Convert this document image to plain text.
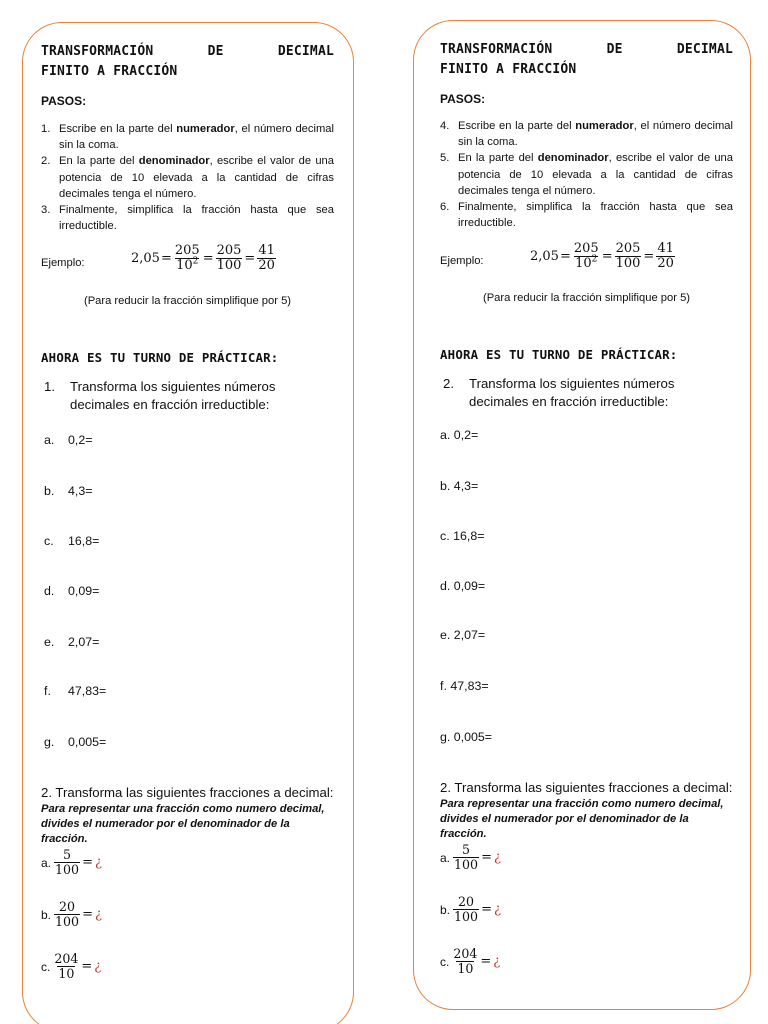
TRANSFORMACIÓN	DE	DECIMAL
FINITO A FRACCIÓN
PASOS:
1. Escribe en la parte del numerador, el número decimal sin la coma.
2. En la parte del denominador, escribe el valor de una potencia de 10 elevada a la cantidad de cifras decimales tenga el número.
3. Finalmente, simplifica la fracción hasta que sea irreductible.
Ejemplo:	$2,05 = \frac{205}{10^2} = \frac{205}{100} = \frac{41}{20}$
(Para reducir la fracción simplifique por 5)
AHORA ES TU TURNO DE PRÁCTICAR:
1.	Transforma los siguientes números decimales en fracción irreductible:
a. 0,2=
b. 4,3=
c. 16,8=
d. 0,09=
e. 2,07=
f. 47,83=
g. 0,005=
2. Transforma las siguientes fracciones a decimal:
Para representar una fracción como numero decimal, divides el numerador por el denominador de la fracción.
a. $\frac{5}{100}$ = ¿
b. $\frac{20}{100}$ = ¿
c. $\frac{204}{10}$ = ¿
TRANSFORMACIÓN	DE	DECIMAL
FINITO A FRACCIÓN
PASOS:
4. Escribe en la parte del numerador, el número decimal sin la coma.
5. En la parte del denominador, escribe el valor de una potencia de 10 elevada a la cantidad de cifras decimales tenga el número.
6. Finalmente, simplifica la fracción hasta que sea irreductible.
Ejemplo:	$2,05 = \frac{205}{10^2} = \frac{205}{100} = \frac{41}{20}$
(Para reducir la fracción simplifique por 5)
AHORA ES TU TURNO DE PRÁCTICAR:
2.	Transforma los siguientes números decimales en fracción irreductible:
a. 0,2=
b. 4,3=
c. 16,8=
d. 0,09=
e. 2,07=
f. 47,83=
g. 0,005=
2. Transforma las siguientes fracciones a decimal:
Para representar una fracción como numero decimal, divides el numerador por el denominador de la fracción.
a. $\frac{5}{100}$ = ¿
b. $\frac{20}{100}$ = ¿
c. $\frac{204}{10}$ = ¿
